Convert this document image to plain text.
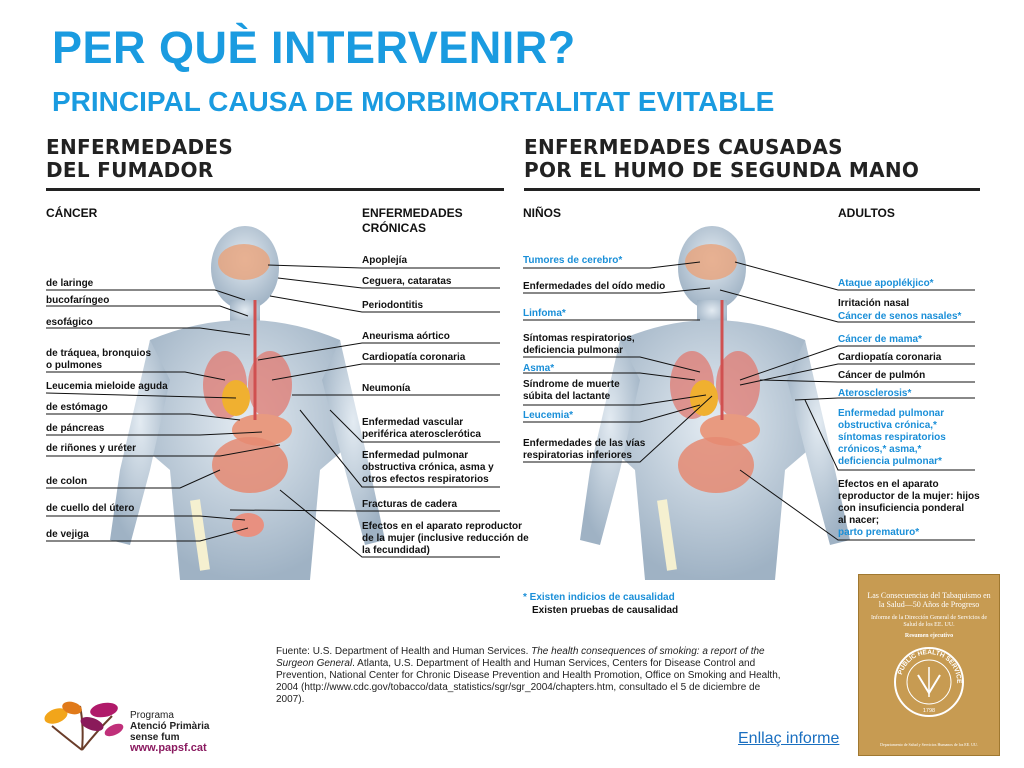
PER QUÈ INTERVENIR?
PRINCIPAL CAUSA DE MORBIMORTALITAT EVITABLE
ENFERMEDADES
DEL FUMADOR
CÁNCER	ENFERMEDADES
CRÓNICAS
ENFERMEDADES CAUSADAS
POR EL HUMO DE SEGUNDA MANO
NIÑOS	ADULTOS
de laringe
bucofaríngeo
esofágico
de tráquea, bronquios
o pulmones
Leucemia mieloide aguda
de estómago
de páncreas
de riñones y uréter
de colon
de cuello del útero
de vejiga
Apoplejía
Ceguera, cataratas
Periodontitis
Aneurisma aórtico
Cardiopatía coronaria
Neumonía
Enfermedad vascular
periférica aterosclerótica
Enfermedad pulmonar
obstructiva crónica, asma y
otros efectos respiratorios
Fracturas de cadera
Efectos en el aparato reproductor
de la mujer (inclusive reducción de
la fecundidad)
Tumores de cerebro*
Enfermedades del oído medio
Linfoma*
Síntomas respiratorios,
deficiencia pulmonar
Asma*
Síndrome de muerte
súbita del lactante
Leucemia*
Enfermedades de las vías
respiratorias inferiores
Ataque apoplékjico*
Irritación nasal
Cáncer de senos nasales*
Cáncer de mama*
Cardiopatía coronaria
Cáncer de pulmón
Aterosclerosis*
Enfermedad pulmonar
obstructiva crónica,*
síntomas respiratorios
crónicos,* asma,*
deficiencia pulmonar*
Efectos en el aparato
reproductor de la mujer: hijos
con insuficiencia ponderal
al nacer;
parto prematuro*
* Existen indicios de causalidad
Existen pruebas de causalidad
Fuente: U.S. Department of Health and Human Services. The health consequences of smoking: a report of the Surgeon General. Atlanta, U.S. Department of Health and Human Services, Centers for Disease Control and Prevention, National Center for Chronic Disease Prevention and Health Promotion, Office on Smoking and Health, 2004 (http://www.cdc.gov/tobacco/data_statistics/sgr/sgr_2004/chapters.htm, consultado el 5 de diciembre de 2007).
Programa
Atenció Primària
sense fum
www.papsf.cat
Las Consecuencias del Tabaquismo en la Salud—50 Años de Progreso
Informe de la Dirección General de Servicios de Salud de los EE. UU.
Resumen ejecutivo
PUBLIC HEALTH SERVICE
1798
Departamento de Salud y Servicios Humanos de los EE. UU.
Enllaç informe
